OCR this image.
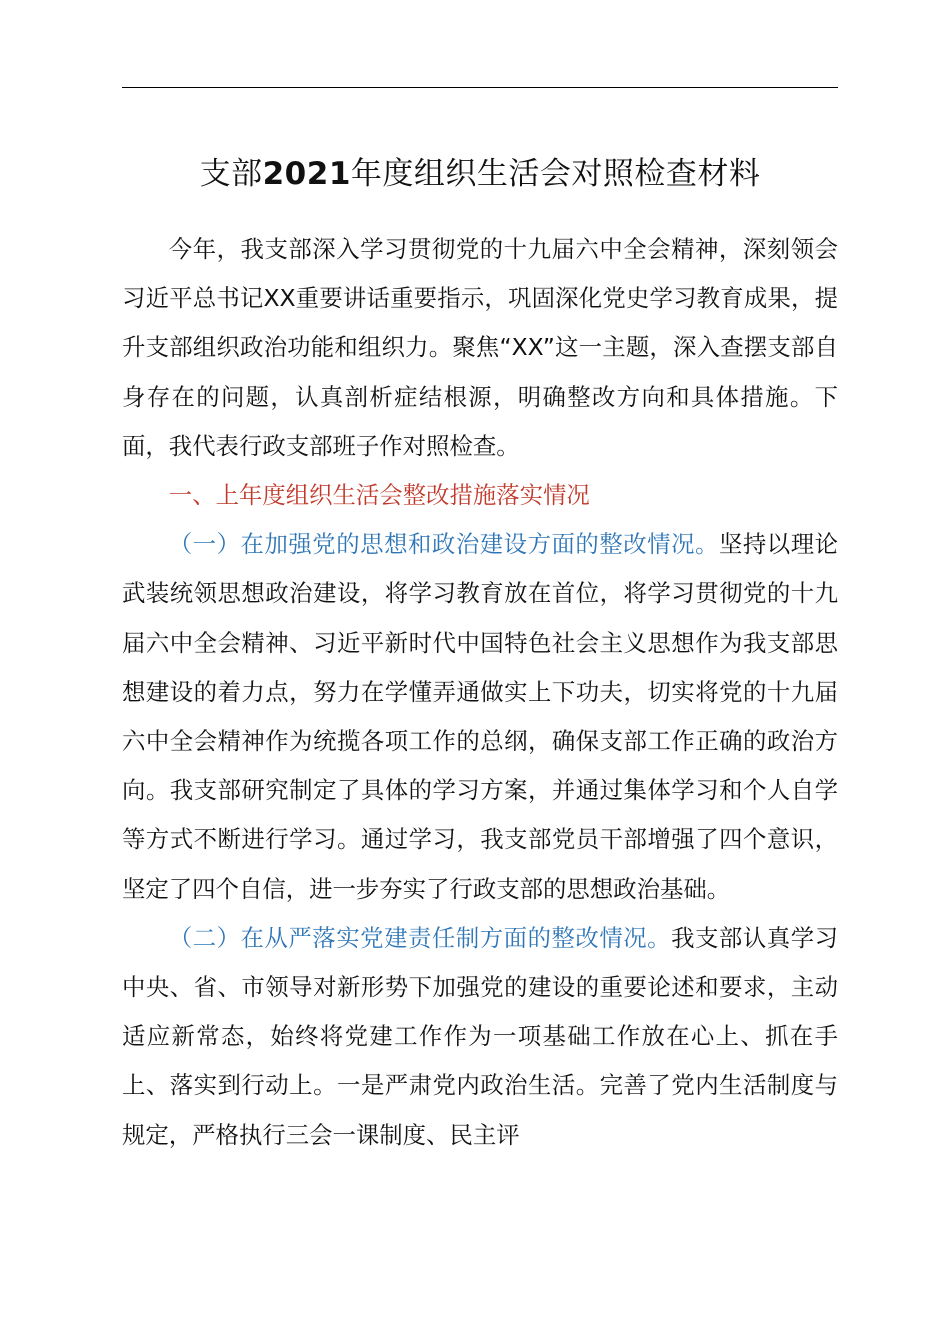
支部2021年度组织生活会对照检查材料

今年，我支部深入学习贯彻党的十九届六中全会精神，深刻领会习近平总书记XX重要讲话重要指示，巩固深化党史学习教育成果，提升支部组织政治功能和组织力。聚焦“XX”这一主题，深入查摆支部自身存在的问题，认真剖析症结根源，明确整改方向和具体措施。下面，我代表行政支部班子作对照检查。

一、上年度组织生活会整改措施落实情况

（一）在加强党的思想和政治建设方面的整改情况。坚持以理论武装统领思想政治建设，将学习教育放在首位，将学习贯彻党的十九届六中全会精神、习近平新时代中国特色社会主义思想作为我支部思想建设的着力点，努力在学懂弄通做实上下功夫，切实将党的十九届六中全会精神作为统揽各项工作的总纲，确保支部工作正确的政治方向。我支部研究制定了具体的学习方案，并通过集体学习和个人自学等方式不断进行学习。通过学习，我支部党员干部增强了四个意识，坚定了四个自信，进一步夯实了行政支部的思想政治基础。

（二）在从严落实党建责任制方面的整改情况。我支部认真学习中央、省、市领导对新形势下加强党的建设的重要论述和要求，主动适应新常态，始终将党建工作作为一项基础工作放在心上、抓在手上、落实到行动上。一是严肃党内政治生活。完善了党内生活制度与规定，严格执行三会一课制度、民主评
